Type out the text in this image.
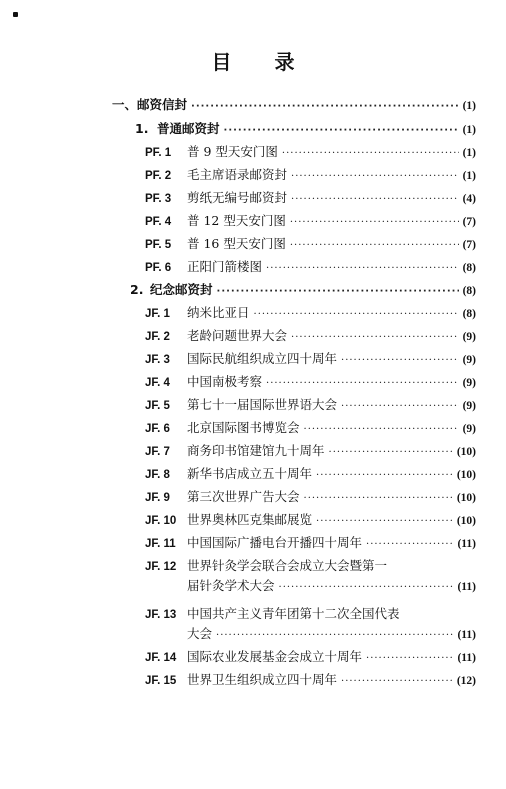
目 录
一、 邮资信封 ·····	(1)
1. 普通邮资封 ·····	(1)
PF. 1	普 9 型天安门图 ·····	(1)
PF. 2	毛主席语录邮资封 ·····	(1)
PF. 3	剪纸无编号邮资封 ·····	(4)
PF. 4	普 12 型天安门图 ·····	(7)
PF. 5	普 16 型天安门图 ·····	(7)
PF. 6	正阳门箭楼图 ·····	(8)
2. 纪念邮资封 ·····	(8)
JF. 1	纳米比亚日 ·····	(8)
JF. 2	老龄问题世界大会 ·····	(9)
JF. 3	国际民航组织成立四十周年 ·····	(9)
JF. 4	中国南极考察 ·····	(9)
JF. 5	第七十一届国际世界语大会 ·····	(9)
JF. 6	北京国际图书博览会 ·····	(9)
JF. 7	商务印书馆建馆九十周年 ·····	(10)
JF. 8	新华书店成立五十周年 ·····	(10)
JF. 9	第三次世界广告大会 ·····	(10)
JF. 10 世界奥林匹克集邮展览 ·····	(10)
JF. 11 中国国际广播电台开播四十周年 ·····	(11)
JF. 12 世界针灸学会联合会成立大会暨第一
届针灸学术大会 ·····	(11)
JF. 13 中国共产主义青年团第十二次全国代表
大会 ·····	(11)
JF. 14 国际农业发展基金会成立十周年 ·····	(11)
JF. 15 世界卫生组织成立四十周年 ·····	(12)
